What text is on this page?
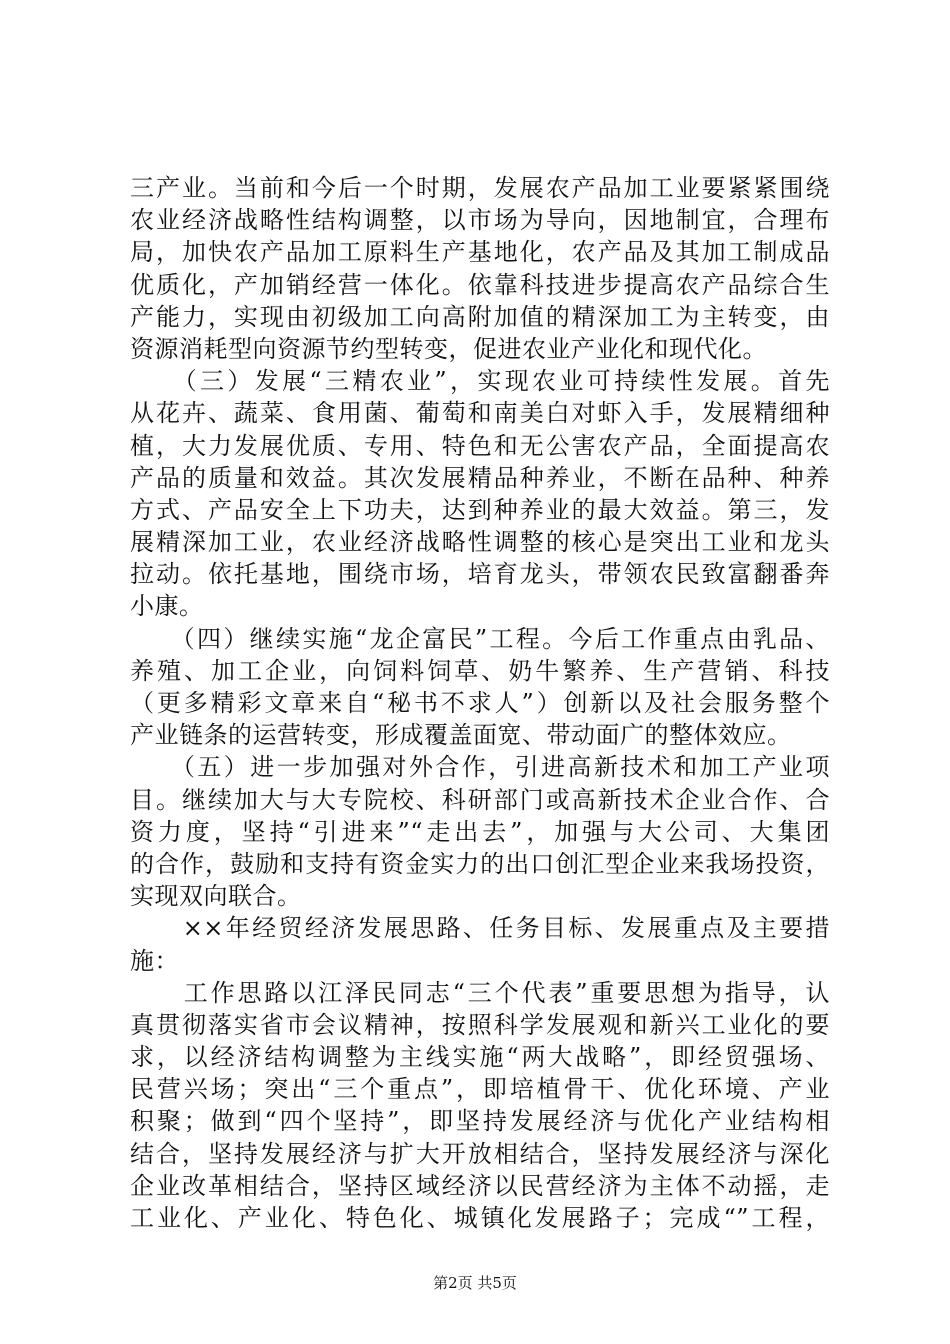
三产业。当前和今后一个时期，发展农产品加工业要紧紧围绕
农业经济战略性结构调整，以市场为导向，因地制宜，合理布
局，加快农产品加工原料生产基地化，农产品及其加工制成品
优质化，产加销经营一体化。依靠科技进步提高农产品综合生
产能力，实现由初级加工向高附加值的精深加工为主转变，由
资源消耗型向资源节约型转变，促进农业产业化和现代化。
　　（三）发展“三精农业”，实现农业可持续性发展。首先
从花卉、蔬菜、食用菌、葡萄和南美白对虾入手，发展精细种
植，大力发展优质、专用、特色和无公害农产品，全面提高农
产品的质量和效益。其次发展精品种养业，不断在品种、种养
方式、产品安全上下功夫，达到种养业的最大效益。第三，发
展精深加工业，农业经济战略性调整的核心是突出工业和龙头
拉动。依托基地，围绕市场，培育龙头，带领农民致富翻番奔
小康。
　　（四）继续实施“龙企富民”工程。今后工作重点由乳品、
养殖、加工企业，向饲料饲草、奶牛繁养、生产营销、科技
（更多精彩文章来自“秘书不求人”）创新以及社会服务整个
产业链条的运营转变，形成覆盖面宽、带动面广的整体效应。
　　（五）进一步加强对外合作，引进高新技术和加工产业项
目。继续加大与大专院校、科研部门或高新技术企业合作、合
资力度，坚持“引进来”“走出去”，加强与大公司、大集团
的合作，鼓励和支持有资金实力的出口创汇型企业来我场投资，
实现双向联合。
　　××年经贸经济发展思路、任务目标、发展重点及主要措
施：
　　工作思路以江泽民同志“三个代表”重要思想为指导，认
真贯彻落实省市会议精神，按照科学发展观和新兴工业化的要
求，以经济结构调整为主线实施“两大战略”，即经贸强场、
民营兴场；突出“三个重点”，即培植骨干、优化环境、产业
积聚；做到“四个坚持”，即坚持发展经济与优化产业结构相
结合，坚持发展经济与扩大开放相结合，坚持发展经济与深化
企业改革相结合，坚持区域经济以民营经济为主体不动摇，走
工业化、产业化、特色化、城镇化发展路子；完成“”工程，
第2页 共5页
